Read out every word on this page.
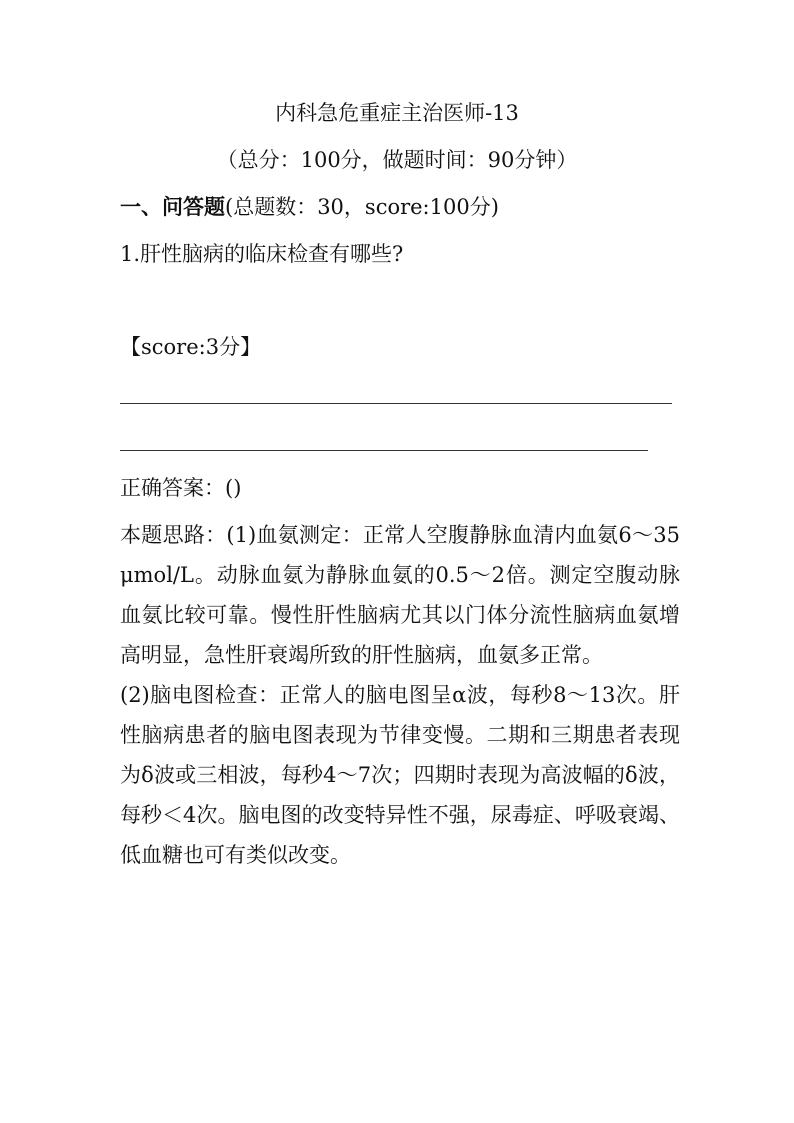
内科急危重症主治医师-13
（总分：100分，做题时间：90分钟）
一、问答题(总题数：30，score:100分)
1.肝性脑病的临床检查有哪些?
【score:3分】
正确答案：()

本题思路：(1)血氨测定：正常人空腹静脉血清内血氨6～35 μmol/L。动脉血氨为静脉血氨的0.5～2倍。测定空腹动脉血氨比较可靠。慢性肝性脑病尤其以门体分流性脑病血氨增高明显，急性肝衰竭所致的肝性脑病，血氨多正常。

(2)脑电图检查：正常人的脑电图呈α波，每秒8～13次。肝性脑病患者的脑电图表现为节律变慢。二期和三期患者表现为δ波或三相波，每秒4～7次；四期时表现为高波幅的δ波，每秒＜4次。脑电图的改变特异性不强，尿毒症、呼吸衰竭、低血糖也可有类似改变。
